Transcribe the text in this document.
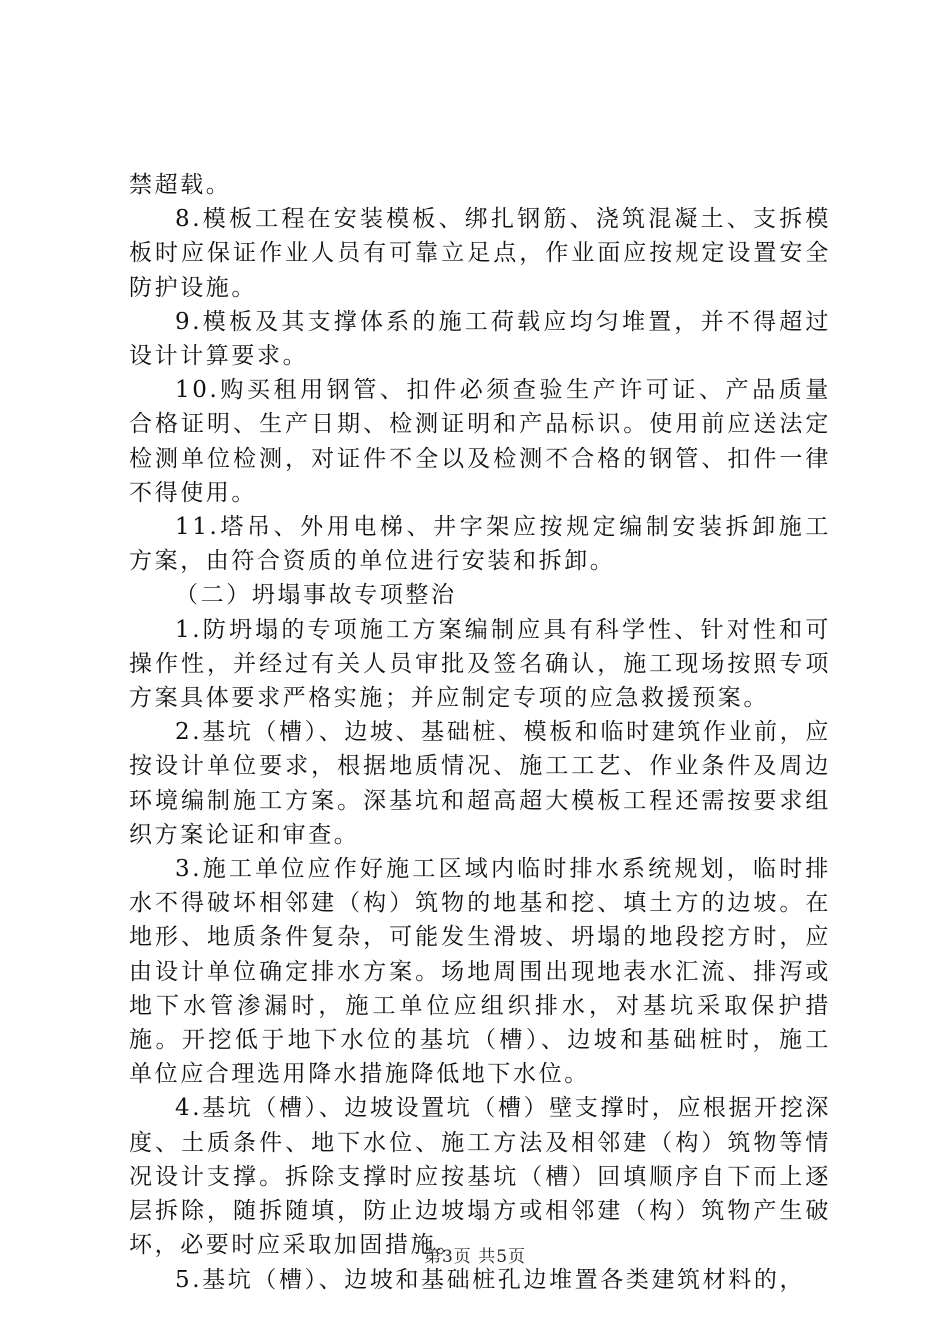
禁超载。

8.模板工程在安装模板、绑扎钢筋、浇筑混凝土、支拆模板时应保证作业人员有可靠立足点，作业面应按规定设置安全防护设施。

9.模板及其支撑体系的施工荷载应均匀堆置，并不得超过设计计算要求。

10.购买租用钢管、扣件必须查验生产许可证、产品质量合格证明、生产日期、检测证明和产品标识。使用前应送法定检测单位检测，对证件不全以及检测不合格的钢管、扣件一律不得使用。

11.塔吊、外用电梯、井字架应按规定编制安装拆卸施工方案，由符合资质的单位进行安装和拆卸。

（二）坍塌事故专项整治

1.防坍塌的专项施工方案编制应具有科学性、针对性和可操作性，并经过有关人员审批及签名确认，施工现场按照专项方案具体要求严格实施；并应制定专项的应急救援预案。

2.基坑（槽）、边坡、基础桩、模板和临时建筑作业前，应按设计单位要求，根据地质情况、施工工艺、作业条件及周边环境编制施工方案。深基坑和超高超大模板工程还需按要求组织方案论证和审查。

3.施工单位应作好施工区域内临时排水系统规划，临时排水不得破坏相邻建（构）筑物的地基和挖、填土方的边坡。在地形、地质条件复杂，可能发生滑坡、坍塌的地段挖方时，应由设计单位确定排水方案。场地周围出现地表水汇流、排泻或地下水管渗漏时，施工单位应组织排水，对基坑采取保护措施。开挖低于地下水位的基坑（槽）、边坡和基础桩时，施工单位应合理选用降水措施降低地下水位。

4.基坑（槽）、边坡设置坑（槽）壁支撑时，应根据开挖深度、土质条件、地下水位、施工方法及相邻建（构）筑物等情况设计支撑。拆除支撑时应按基坑（槽）回填顺序自下而上逐层拆除，随拆随填，防止边坡塌方或相邻建（构）筑物产生破坏，必要时应采取加固措施。

5.基坑（槽）、边坡和基础桩孔边堆置各类建筑材料的，

第3页 共5页
